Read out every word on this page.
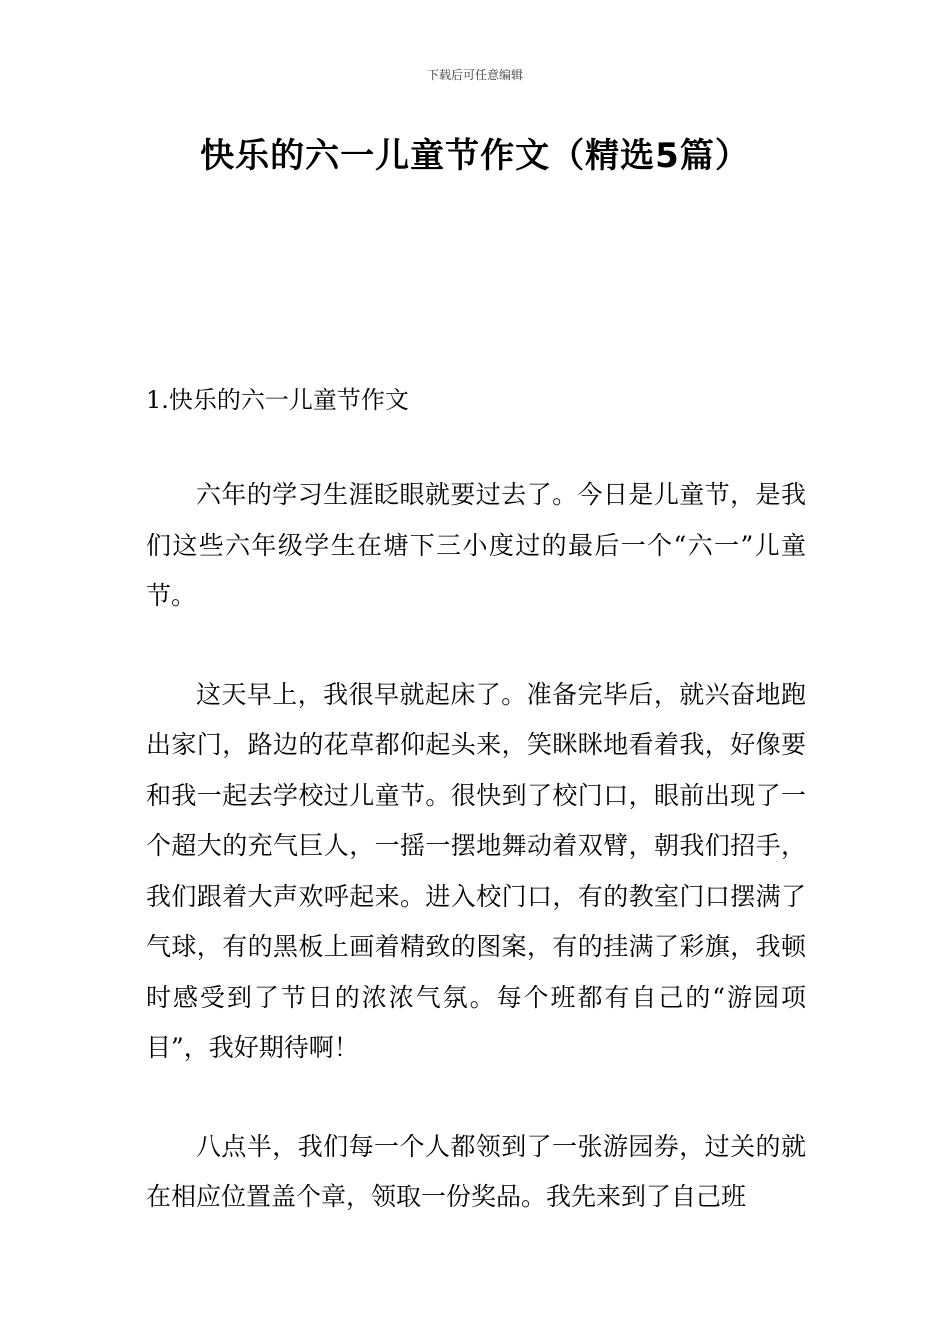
下载后可任意编辑
快乐的六一儿童节作文（精选5篇）
1.快乐的六一儿童节作文

六年的学习生涯眨眼就要过去了。今日是儿童节，是我们这些六年级学生在塘下三小度过的最后一个“六一”儿童节。

这天早上，我很早就起床了。准备完毕后，就兴奋地跑出家门，路边的花草都仰起头来，笑眯眯地看着我，好像要和我一起去学校过儿童节。很快到了校门口，眼前出现了一个超大的充气巨人，一摇一摆地舞动着双臂，朝我们招手，我们跟着大声欢呼起来。进入校门口，有的教室门口摆满了气球，有的黑板上画着精致的图案，有的挂满了彩旗，我顿时感受到了节日的浓浓气氛。每个班都有自己的“游园项目”，我好期待啊！

八点半，我们每一个人都领到了一张游园券，过关的就在相应位置盖个章，领取一份奖品。我先来到了自己班
